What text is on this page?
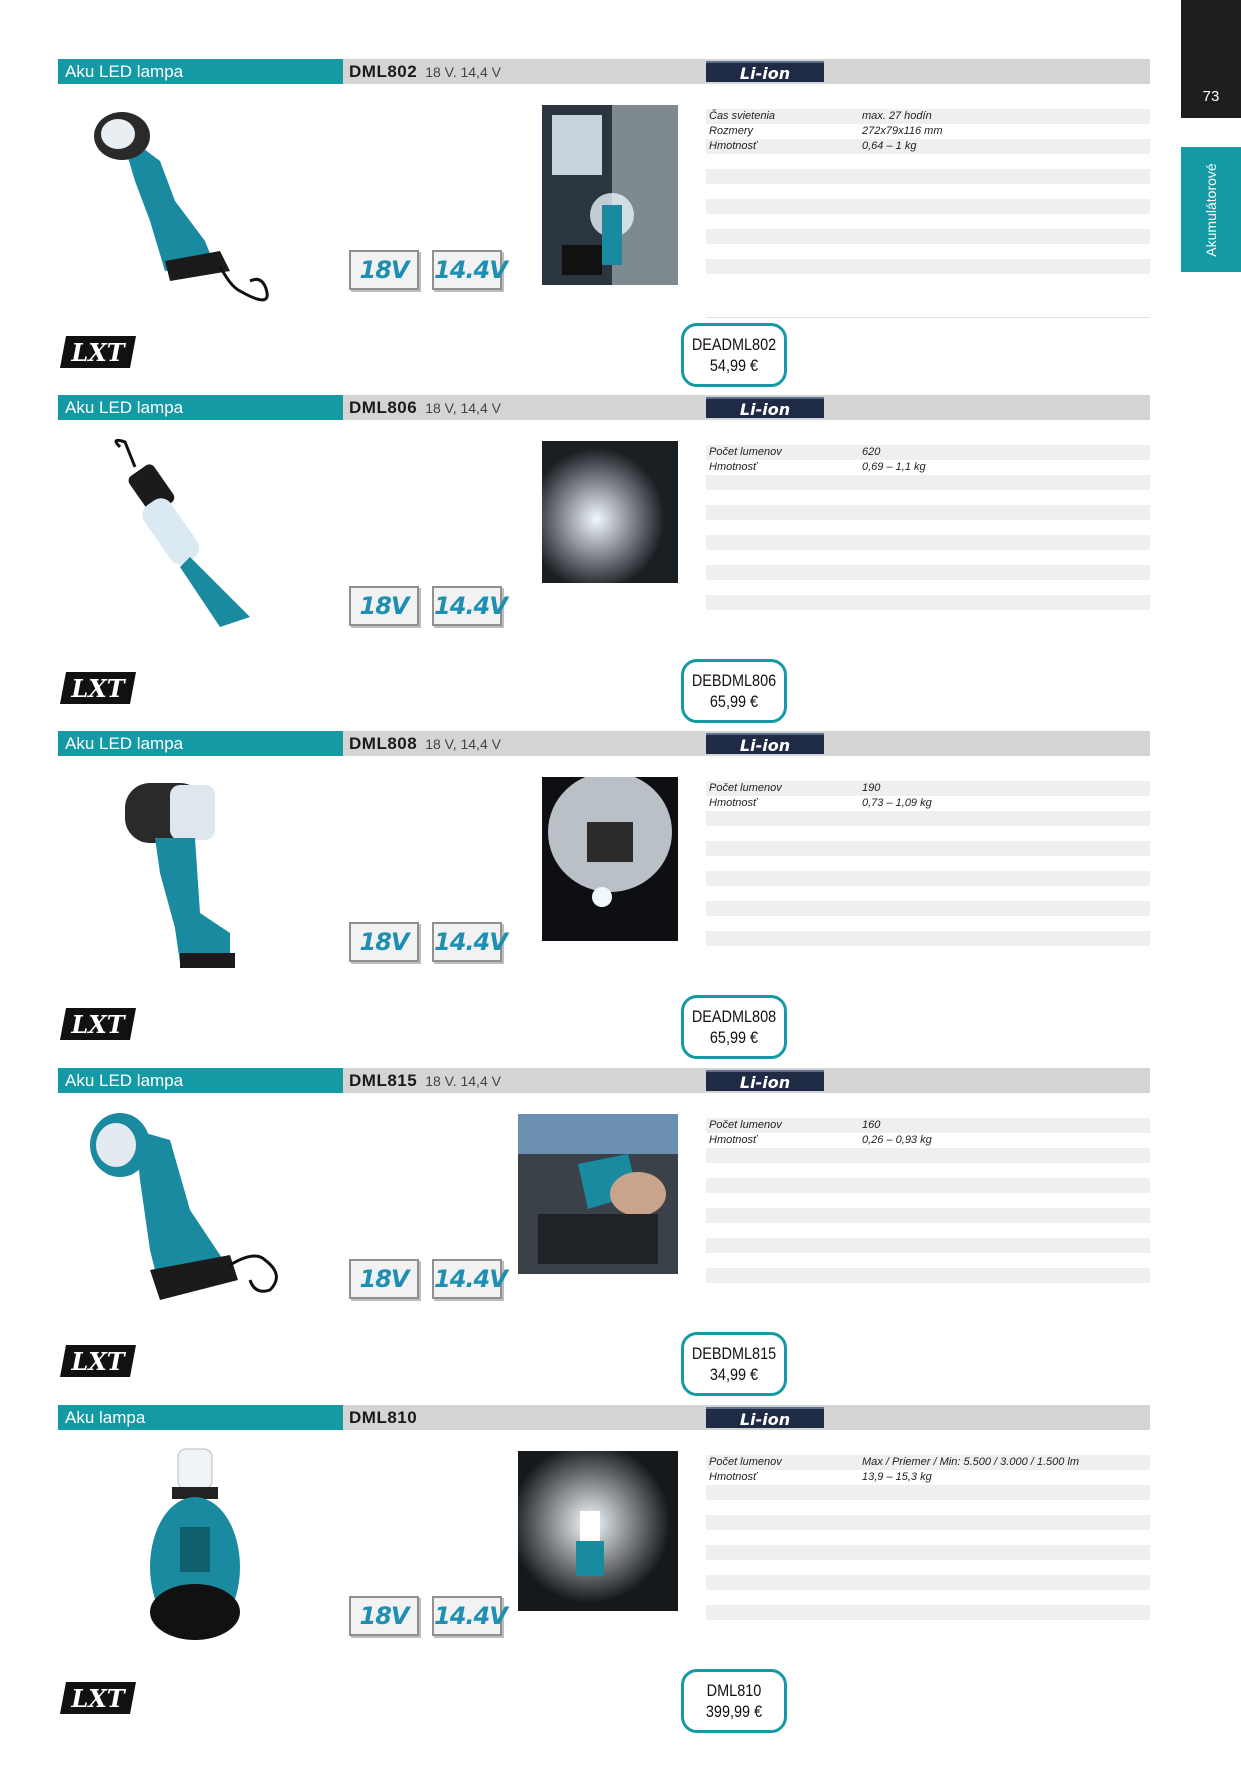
73
Akumulátorové
Aku LED lampa	DML802 18 V. 14,4 V	Li-ion
18V	14.4V
Čas svietenia	max. 27 hodín
Rozmery	272x79x116 mm
Hmotnosť	0,64 – 1 kg
LXT	DEADML802
54,99 €
Aku LED lampa	DML806 18 V, 14,4 V	Li-ion
18V	14.4V
Počet lumenov	620
Hmotnosť	0,69 – 1,1 kg
LXT	DEBDML806
65,99 €
Aku LED lampa	DML808 18 V, 14,4 V	Li-ion
18V	14.4V
Počet lumenov	190
Hmotnosť	0,73 – 1,09 kg
LXT	DEADML808
65,99 €
Aku LED lampa	DML815 18 V. 14,4 V	Li-ion
18V	14.4V
Počet lumenov	160
Hmotnosť	0,26 – 0,93 kg
LXT	DEBDML815
34,99 €
Aku lampa	DML810	Li-ion
18V	14.4V
Počet lumenov	Max / Priemer / Min: 5.500 / 3.000 / 1.500 lm
Hmotnosť	13,9 – 15,3 kg
LXT	DML810
399,99 €
